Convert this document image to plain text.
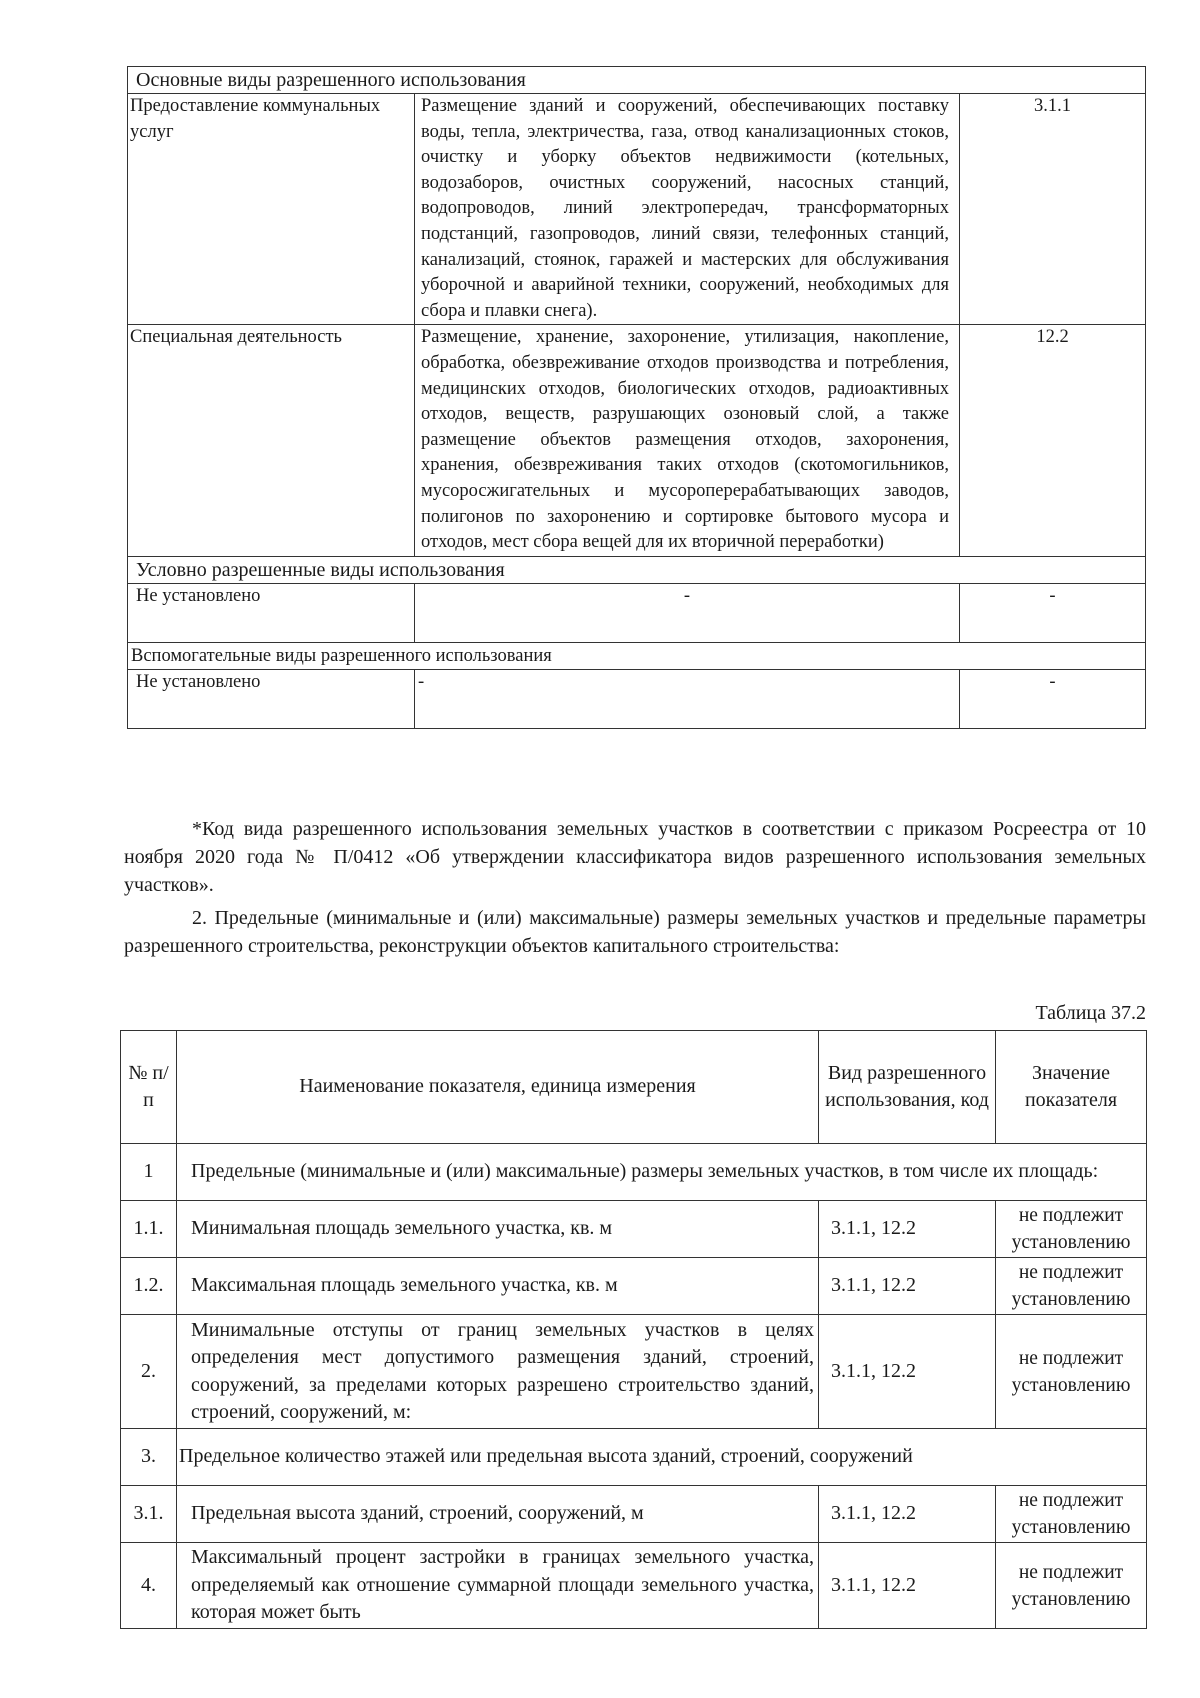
Основные виды разрешенного использования		
Предоставление коммунальных услуг	Размещение зданий и сооружений, обеспечивающих поставку воды, тепла, электричества, газа, отвод канализационных стоков, очистку и уборку объектов недвижимости (котельных, водозаборов, очистных сооружений, насосных станций, водопроводов, линий электропередач, трансформаторных подстанций, газопроводов, линий связи, телефонных станций, канализаций, стоянок, гаражей и мастерских для обслуживания уборочной и аварийной техники, сооружений, необходимых для сбора и плавки снега).	3.1.1
Специальная деятельность	Размещение, хранение, захоронение, утилизация, накопление, обработка, обезвреживание отходов производства и потребления, медицинских отходов, биологических отходов, радиоактивных отходов, веществ, разрушающих озоновый слой, а также размещение объектов размещения отходов, захоронения, хранения, обезвреживания таких отходов (скотомогильников, мусоросжигательных и мусороперерабатывающих заводов, полигонов по захоронению и сортировке бытового мусора и отходов, мест сбора вещей для их вторичной переработки)	12.2
Условно разрешенные виды использования		
Не установлено	-	-
Вспомогательные виды разрешенного использования		
Не установлено	-	-

*Код вида разрешенного использования земельных участков в соответствии с приказом Росреестра от 10 ноября 2020 года № П/0412 «Об утверждении классификатора видов разрешенного использования земельных участков».

2. Предельные (минимальные и (или) максимальные) размеры земельных участков и предельные параметры разрешенного строительства, реконструкции объектов капитального строительства:

Таблица 37.2

№ п/п	Наименование показателя, единица измерения	Вид разрешенного использования, код	Значение показателя
1	Предельные (минимальные и (или) максимальные) размеры земельных участков, в том числе их площадь:		
1.1.	Минимальная площадь земельного участка, кв. м	3.1.1, 12.2	не подлежит установлению
1.2.	Максимальная площадь земельного участка, кв. м	3.1.1, 12.2	не подлежит установлению
2.	Минимальные отступы от границ земельных участков в целях определения мест допустимого размещения зданий, строений, сооружений, за пределами которых разрешено строительство зданий, строений, сооружений, м:	3.1.1, 12.2	не подлежит установлению
3.	Предельное количество этажей или предельная высота зданий, строений, сооружений		
3.1.	Предельная высота зданий, строений, сооружений, м	3.1.1, 12.2	не подлежит установлению
4.	Максимальный процент застройки в границах земельного участка, определяемый как отношение суммарной площади земельного участка, которая может быть	3.1.1, 12.2	не подлежит установлению
